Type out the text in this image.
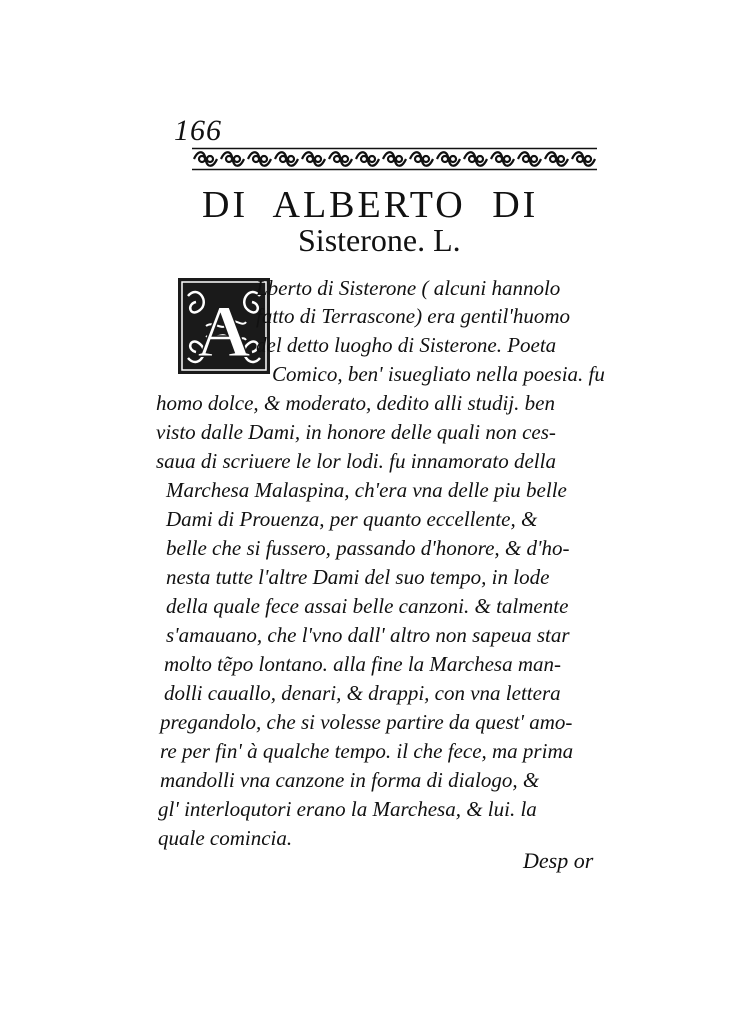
166
DI ALBERTO DI
Sisterone. L.
A
Lberto di Sisterone ( alcuni hannolo
fatto di Terrascone) era gentil'huomo
del detto luogho di Sisterone. Poeta
Comico, ben' isuegliato nella poesia. fu
homo dolce, & moderato, dedito alli studij. ben
visto dalle Dami, in honore delle quali non ces-
saua di scriuere le lor lodi. fu innamorato della
Marchesa Malaspina, ch'era vna delle piu belle
Dami di Prouenza, per quanto eccellente, &
belle che si fussero, passando d'honore, & d'ho-
nesta tutte l'altre Dami del suo tempo, in lode
della quale fece assai belle canzoni. & talmente
s'amauano, che l'vno dall' altro non sapeua star
molto tẽpo lontano. alla fine la Marchesa man-
dolli cauallo, denari, & drappi, con vna lettera
pregandolo, che si volesse partire da quest' amo-
re per fin' à qualche tempo. il che fece, ma prima
mandolli vna canzone in forma di dialogo, &
gl' interloqutori erano la Marchesa, & lui. la
quale comincia.
Desp or
